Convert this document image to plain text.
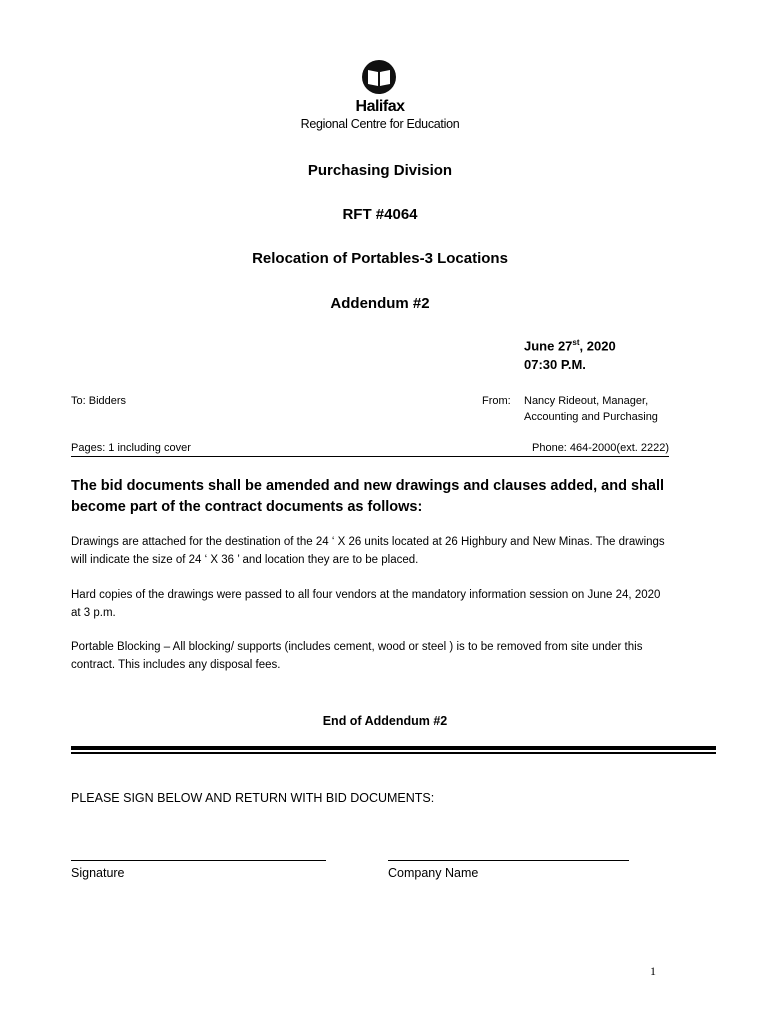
Halifax
Regional Centre for Education
Purchasing Division
RFT #4064
Relocation of Portables-3 Locations
Addendum #2
June 27st, 2020
07:30 P.M.
To: Bidders	From: Nancy Rideout, Manager,
Accounting and Purchasing
Pages: 1 including cover	Phone: 464-2000(ext. 2222)
The bid documents shall be amended and new drawings and clauses added, and shall become part of the contract documents as follows:
Drawings are attached for the destination of the 24 ‘ X 26 units located at 26 Highbury and New Minas. The drawings will indicate the size of 24 ‘ X 36 ’ and location they are to be placed.
Hard copies of the drawings were passed to all four vendors at the mandatory information session on June 24, 2020 at 3 p.m.
Portable Blocking – All blocking/ supports (includes cement, wood or steel ) is to be removed from site under this contract. This includes any disposal fees.
End of Addendum #2
PLEASE SIGN BELOW AND RETURN WITH BID DOCUMENTS:
Signature	Company Name
1
